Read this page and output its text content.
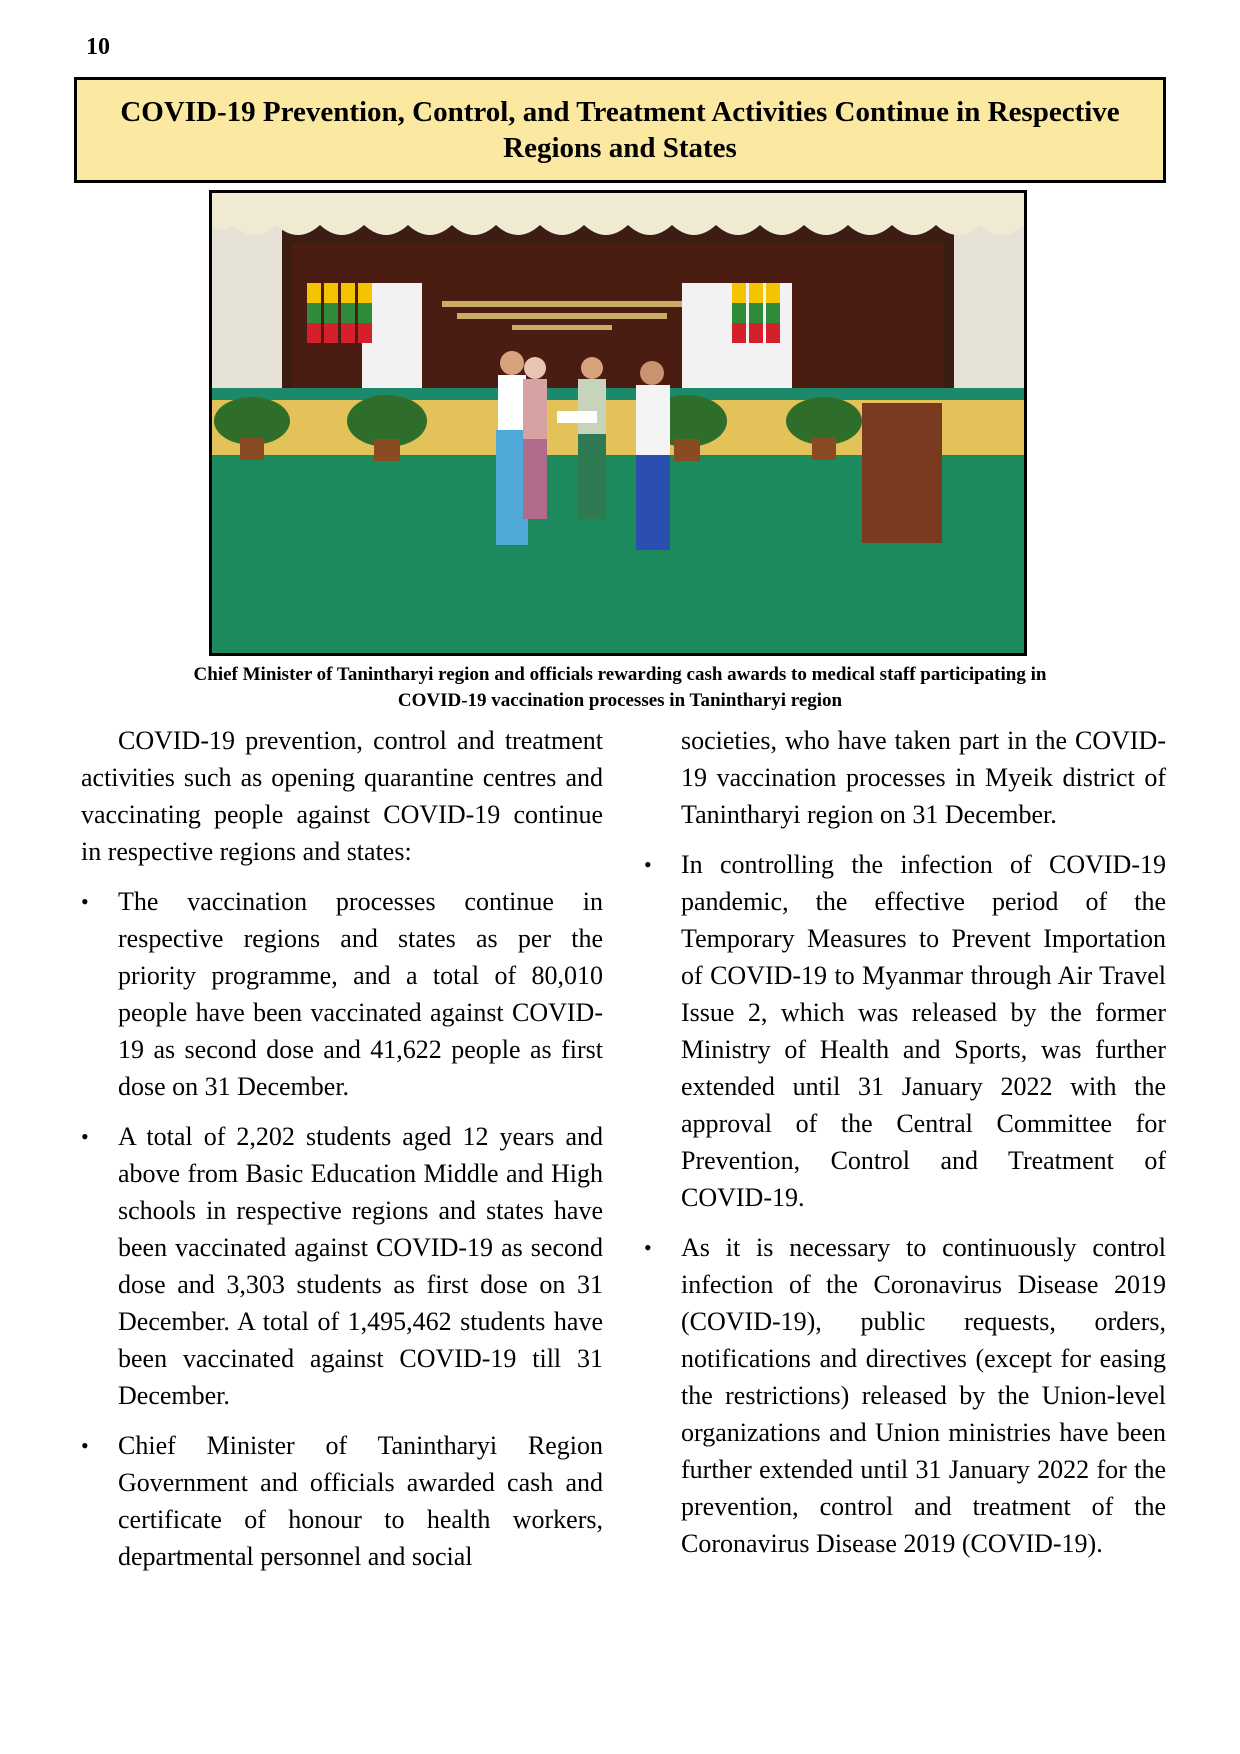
10
COVID-19 Prevention, Control, and Treatment Activities Continue in Respective Regions and States
Chief Minister of Tanintharyi region and officials rewarding cash awards to medical staff participating in COVID-19 vaccination processes in Tanintharyi region

COVID-19 prevention, control and treatment activities such as opening quarantine centres and vaccinating people against COVID-19 continue in respective regions and states:

• The vaccination processes continue in respective regions and states as per the priority programme, and a total of 80,010 people have been vaccinated against COVID-19 as second dose and 41,622 people as first dose on 31 December.
• A total of 2,202 students aged 12 years and above from Basic Education Middle and High schools in respective regions and states have been vaccinated against COVID-19 as second dose and 3,303 students as first dose on 31 December. A total of 1,495,462 students have been vaccinated against COVID-19 till 31 December.
• Chief Minister of Tanintharyi Region Government and officials awarded cash and certificate of honour to health workers, departmental personnel and social
societies, who have taken part in the COVID-19 vaccination processes in Myeik district of Tanintharyi region on 31 December.
• In controlling the infection of COVID-19 pandemic, the effective period of the Temporary Measures to Prevent Importation of COVID-19 to Myanmar through Air Travel Issue 2, which was released by the former Ministry of Health and Sports, was further extended until 31 January 2022 with the approval of the Central Committee for Prevention, Control and Treatment of COVID-19.
• As it is necessary to continuously control infection of the Coronavirus Disease 2019 (COVID-19), public requests, orders, notifications and directives (except for easing the restrictions) released by the Union-level organizations and Union ministries have been further extended until 31 January 2022 for the prevention, control and treatment of the Coronavirus Disease 2019 (COVID-19).
